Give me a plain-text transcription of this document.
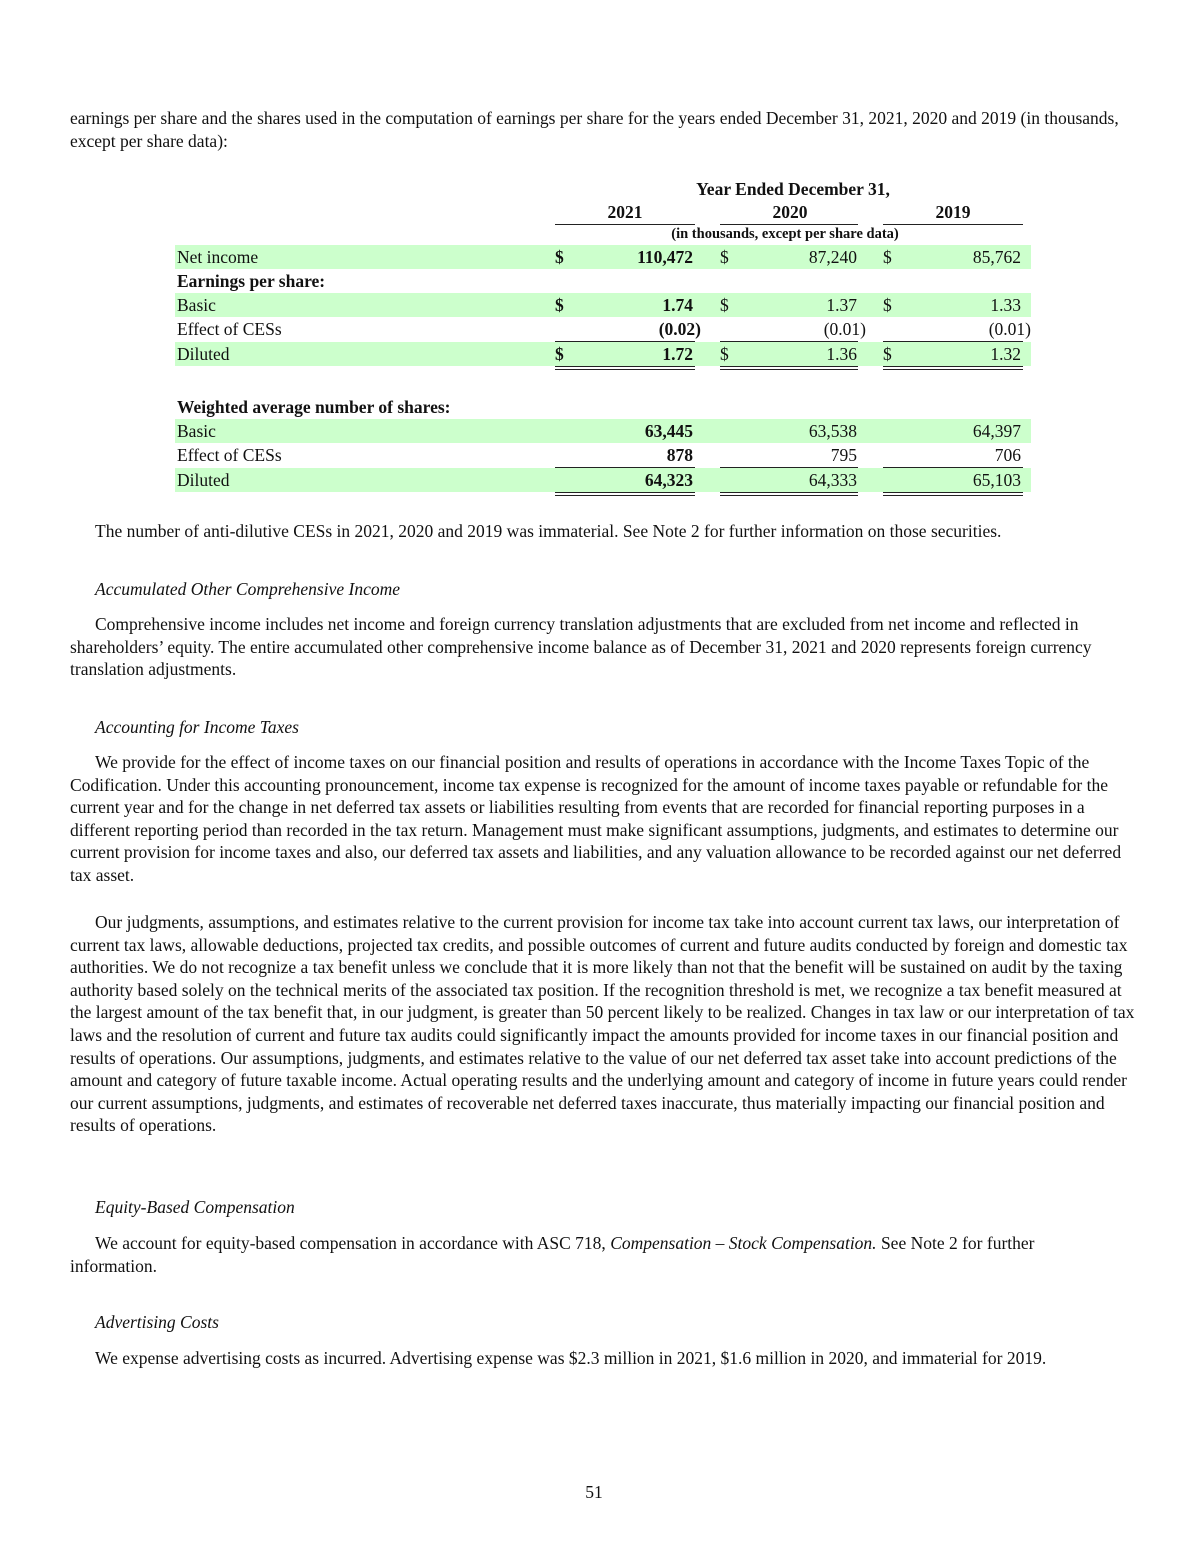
earnings per share and the shares used in the computation of earnings per share for the years ended December 31, 2021, 2020 and 2019 (in thousands, except per share data):

Year Ended December 31,
2021	2020	2019
(in thousands, except per share data)
Net income	$	110,472 $	87,240 $	85,762
Earnings per share:
Basic	$	1.74 $	1.37 $	1.33
Effect of CESs	(0.02)	(0.01)	(0.01)
Diluted	$	1.72 $	1.36 $	1.32
Weighted average number of shares:
Basic	63,445	63,538	64,397
Effect of CESs	878	795	706
Diluted	64,323	64,333	65,103

The number of anti-dilutive CESs in 2021, 2020 and 2019 was immaterial. See Note 2 for further information on those securities.

Accumulated Other Comprehensive Income

Comprehensive income includes net income and foreign currency translation adjustments that are excluded from net income and reflected in shareholders’ equity. The entire accumulated other comprehensive income balance as of December 31, 2021 and 2020 represents foreign currency translation adjustments.

Accounting for Income Taxes

We provide for the effect of income taxes on our financial position and results of operations in accordance with the Income Taxes Topic of the Codification. Under this accounting pronouncement, income tax expense is recognized for the amount of income taxes payable or refundable for the current year and for the change in net deferred tax assets or liabilities resulting from events that are recorded for financial reporting purposes in a different reporting period than recorded in the tax return. Management must make significant assumptions, judgments, and estimates to determine our current provision for income taxes and also, our deferred tax assets and liabilities, and any valuation allowance to be recorded against our net deferred tax asset.

Our judgments, assumptions, and estimates relative to the current provision for income tax take into account current tax laws, our interpretation of current tax laws, allowable deductions, projected tax credits, and possible outcomes of current and future audits conducted by foreign and domestic tax authorities. We do not recognize a tax benefit unless we conclude that it is more likely than not that the benefit will be sustained on audit by the taxing authority based solely on the technical merits of the associated tax position. If the recognition threshold is met, we recognize a tax benefit measured at the largest amount of the tax benefit that, in our judgment, is greater than 50 percent likely to be realized. Changes in tax law or our interpretation of tax laws and the resolution of current and future tax audits could significantly impact the amounts provided for income taxes in our financial position and results of operations. Our assumptions, judgments, and estimates relative to the value of our net deferred tax asset take into account predictions of the amount and category of future taxable income. Actual operating results and the underlying amount and category of income in future years could render our current assumptions, judgments, and estimates of recoverable net deferred taxes inaccurate, thus materially impacting our financial position and results of operations.

Equity-Based Compensation

We account for equity-based compensation in accordance with ASC 718, Compensation – Stock Compensation. See Note 2 for further information.

Advertising Costs

We expense advertising costs as incurred. Advertising expense was $2.3 million in 2021, $1.6 million in 2020, and immaterial for 2019.

51
